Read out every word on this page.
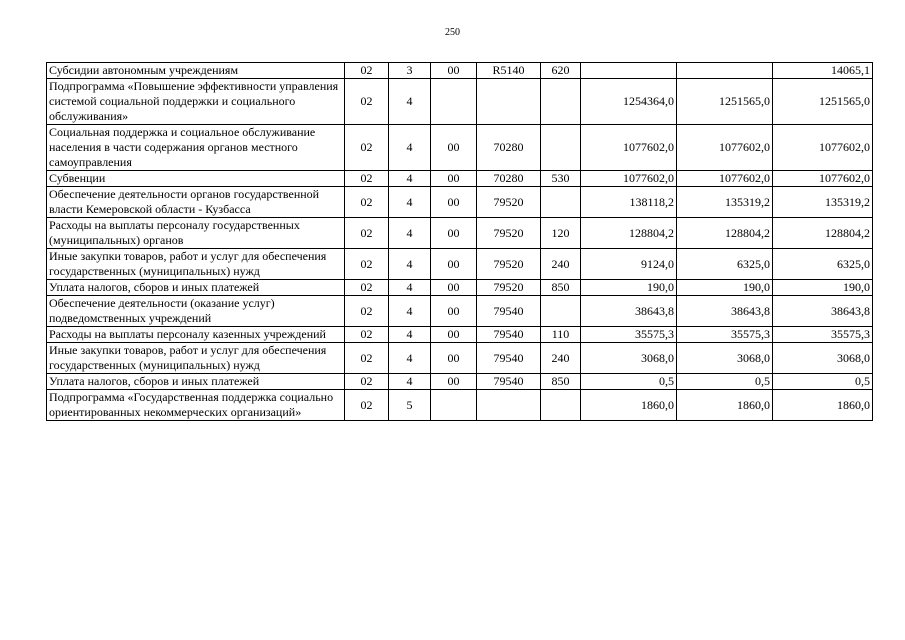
250
Субсидии автономным учреждениям	02	3	00	R5140	620			14065,1
Подпрограмма «Повышение эффективности управления системой социальной поддержки и социального обслуживания»	02	4				1254364,0	1251565,0	1251565,0
Социальная поддержка и социальное обслуживание населения в части содержания органов местного самоуправления	02	4	00	70280		1077602,0	1077602,0	1077602,0
Субвенции	02	4	00	70280	530	1077602,0	1077602,0	1077602,0
Обеспечение деятельности органов государственной власти Кемеровской области - Кузбасса	02	4	00	79520		138118,2	135319,2	135319,2
Расходы на выплаты персоналу государственных (муниципальных) органов	02	4	00	79520	120	128804,2	128804,2	128804,2
Иные закупки товаров, работ и услуг для обеспечения государственных (муниципальных) нужд	02	4	00	79520	240	9124,0	6325,0	6325,0
Уплата налогов, сборов и иных платежей	02	4	00	79520	850	190,0	190,0	190,0
Обеспечение деятельности (оказание услуг) подведомственных учреждений	02	4	00	79540		38643,8	38643,8	38643,8
Расходы на выплаты персоналу казенных учреждений	02	4	00	79540	110	35575,3	35575,3	35575,3
Иные закупки товаров, работ и услуг для обеспечения государственных (муниципальных) нужд	02	4	00	79540	240	3068,0	3068,0	3068,0
Уплата налогов, сборов и иных платежей	02	4	00	79540	850	0,5	0,5	0,5
Подпрограмма «Государственная поддержка социально ориентированных некоммерческих организаций»	02	5				1860,0	1860,0	1860,0
